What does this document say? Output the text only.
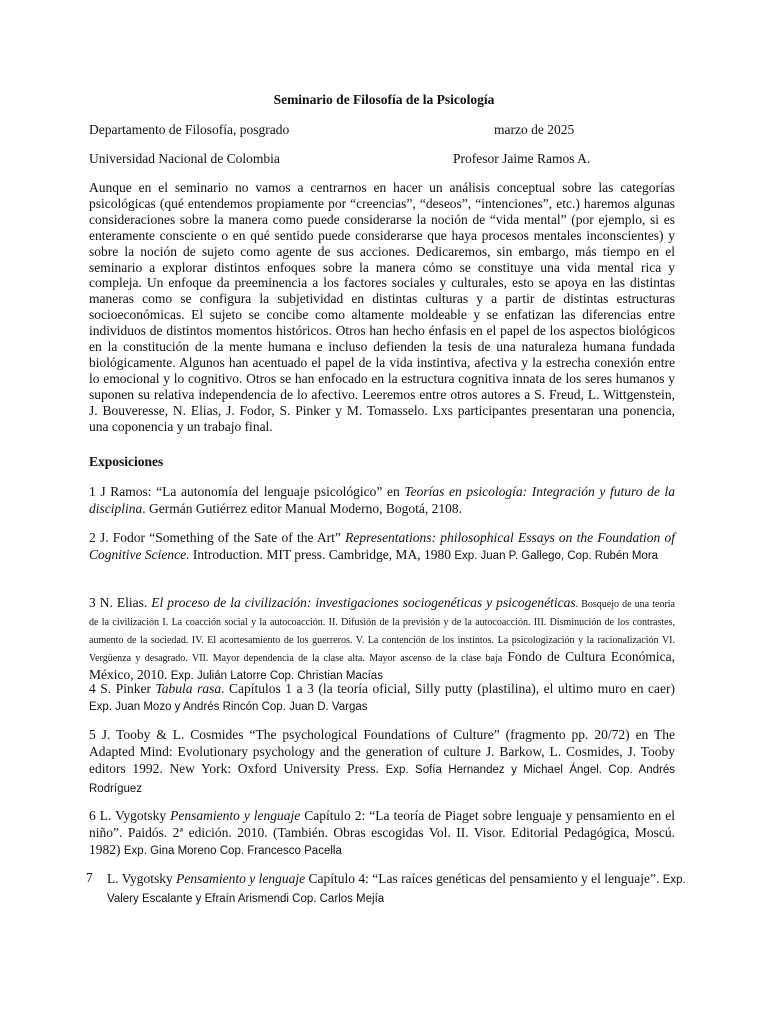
Seminario de Filosofía de la Psicología
Departamento de Filosofía, posgrado	marzo de 2025
Universidad Nacional de Colombia	Profesor Jaime Ramos A.

Aunque en el seminario no vamos a centrarnos en hacer un análisis conceptual sobre las categorías psicológicas (qué entendemos propiamente por “creencias”, “deseos”, “intenciones”, etc.) haremos algunas consideraciones sobre la manera como puede considerarse la noción de “vida mental” (por ejemplo, si es enteramente consciente o en qué sentido puede considerarse que haya procesos mentales inconscientes) y sobre la noción de sujeto como agente de sus acciones. Dedicaremos, sin embargo, más tiempo en el seminario a explorar distintos enfoques sobre la manera cómo se constituye una vida mental rica y compleja. Un enfoque da preeminencia a los factores sociales y culturales, esto se apoya en las distintas maneras como se configura la subjetividad en distintas culturas y a partir de distintas estructuras socioeconómicas. El sujeto se concibe como altamente moldeable y se enfatizan las diferencias entre individuos de distintos momentos históricos. Otros han hecho énfasis en el papel de los aspectos biológicos en la constitución de la mente humana e incluso defienden la tesis de una naturaleza humana fundada biológicamente. Algunos han acentuado el papel de la vida instintiva, afectiva y la estrecha conexión entre lo emocional y lo cognitivo. Otros se han enfocado en la estructura cognitiva innata de los seres humanos y suponen su relativa independencia de lo afectivo. Leeremos entre otros autores a S. Freud, L. Wittgenstein, J. Bouveresse, N. Elias, J. Fodor, S. Pinker y M. Tomasselo. Lxs participantes presentaran una ponencia, una coponencia y un trabajo final.

Exposiciones

1 J Ramos: “La autonomía del lenguaje psicológico” en Teorías en psicología: Integración y futuro de la disciplina. Germán Gutiérrez editor Manual Moderno, Bogotá, 2108.

2 J. Fodor “Something of the Sate of the Art” Representations: philosophical Essays on the Foundation of Cognitive Science. Introduction. MIT press. Cambridge, MA, 1980 Exp. Juan P. Gallego, Cop. Rubén Mora

3 N. Elias. El proceso de la civilización: investigaciones sociogenéticas y psicogenéticas. Bosquejo de una teoría de la civilización I. La coacción social y la autocoacción. II. Difusión de la previsión y de la autocoacción. III. Disminución de los contrastes, aumento de la sociedad. IV. El acortesamiento de los guerreros. V. La contención de los instintos. La psicologización y la racionalización VI. Vergüenza y desagrado. VII. Mayor dependencia de la clase alta. Mayor ascenso de la clase baja Fondo de Cultura Económica, México, 2010. Exp. Julián Latorre Cop. Christian Macías

4 S. Pinker Tabula rasa. Capítulos 1 a 3 (la teoría oficial, Silly putty (plastilina), el ultimo muro en caer) Exp. Juan Mozo y Andrés Rincón Cop. Juan D. Vargas

5 J. Tooby & L. Cosmides “The psychological Foundations of Culture” (fragmento pp. 20/72) en The Adapted Mind: Evolutionary psychology and the generation of culture J. Barkow, L. Cosmides, J. Tooby editors 1992. New York: Oxford University Press. Exp. Sofía Hernandez y Michael Ángel. Cop. Andrés Rodríguez

6 L. Vygotsky Pensamiento y lenguaje Capítulo 2: “La teoría de Piaget sobre lenguaje y pensamiento en el niño”. Paidós. 2ª edición. 2010. (También. Obras escogidas Vol. II. Visor. Editorial Pedagógica, Moscú. 1982) Exp. Gina Moreno Cop. Francesco Pacella

7 L. Vygotsky Pensamiento y lenguaje Capítulo 4: “Las raíces genéticas del pensamiento y el lenguaje”. Exp. Valery Escalante y Efraín Arismendi Cop. Carlos Mejía
